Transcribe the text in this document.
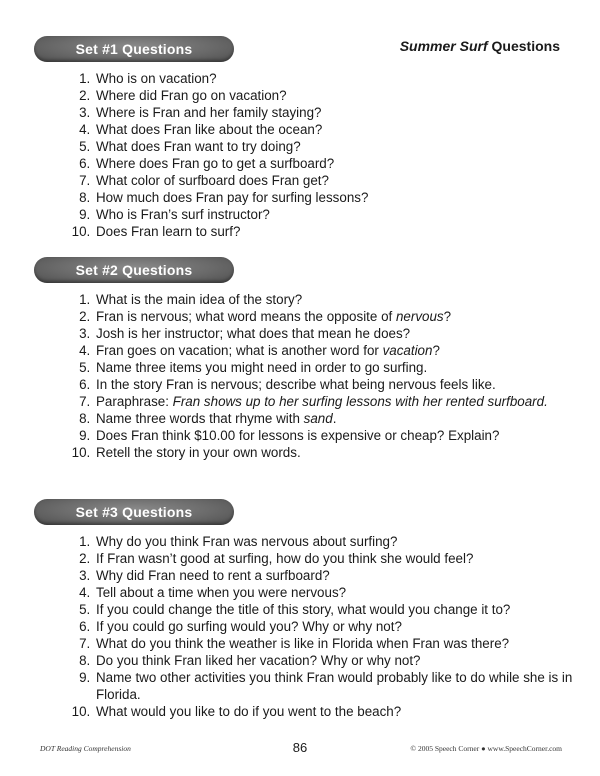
Summer Surf Questions
Set #1 Questions
1. Who is on vacation?
2. Where did Fran go on vacation?
3. Where is Fran and her family staying?
4. What does Fran like about the ocean?
5. What does Fran want to try doing?
6. Where does Fran go to get a surfboard?
7. What color of surfboard does Fran get?
8. How much does Fran pay for surfing lessons?
9. Who is Fran’s surf instructor?
10. Does Fran learn to surf?
Set #2 Questions
1. What is the main idea of the story?
2. Fran is nervous; what word means the opposite of nervous?
3. Josh is her instructor; what does that mean he does?
4. Fran goes on vacation; what is another word for vacation?
5. Name three items you might need in order to go surfing.
6. In the story Fran is nervous; describe what being nervous feels like.
7. Paraphrase: Fran shows up to her surfing lessons with her rented surfboard.
8. Name three words that rhyme with sand.
9. Does Fran think $10.00 for lessons is expensive or cheap? Explain?
10. Retell the story in your own words.
Set #3 Questions
1. Why do you think Fran was nervous about surfing?
2. If Fran wasn’t good at surfing, how do you think she would feel?
3. Why did Fran need to rent a surfboard?
4. Tell about a time when you were nervous?
5. If you could change the title of this story, what would you change it to?
6. If you could go surfing would you? Why or why not?
7. What do you think the weather is like in Florida when Fran was there?
8. Do you think Fran liked her vacation? Why or why not?
9. Name two other activities you think Fran would probably like to do while she is in Florida.
10. What would you like to do if you went to the beach?
DOT Reading Comprehension	86	© 2005 Speech Corner ● www.SpeechCorner.com
